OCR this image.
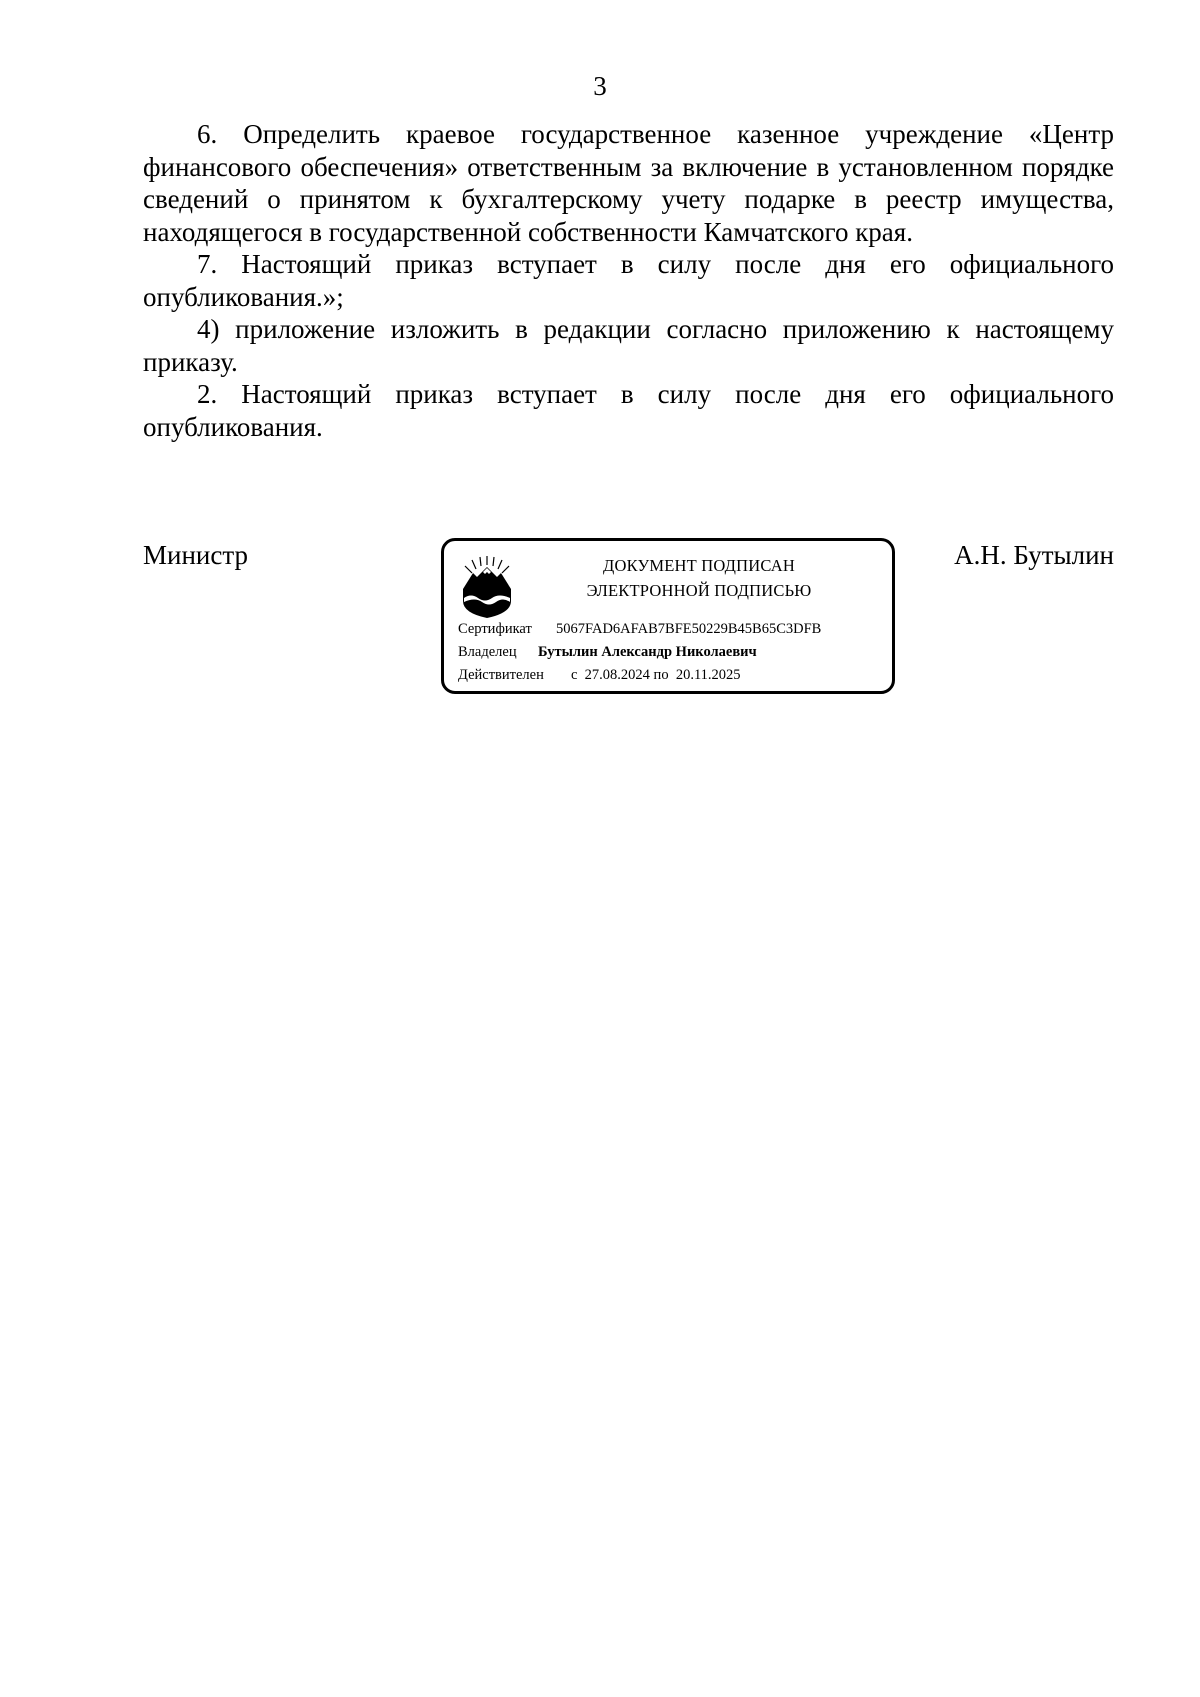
3

6. Определить краевое государственное казенное учреждение «Центр финансового обеспечения» ответственным за включение в установленном порядке сведений о принятом к бухгалтерскому учету подарке в реестр имущества, находящегося в государственной собственности Камчатского края.

7. Настоящий приказ вступает в силу после дня его официального опубликования.»;

4) приложение изложить в редакции согласно приложению к настоящему приказу.

2. Настоящий приказ вступает в силу после дня его официального опубликования.

Министр	ДОКУМЕНТ ПОДПИСАН
ЭЛЕКТРОННОЙ ПОДПИСЬЮ
Сертификат 5067FAD6AFAB7BFE50229B45B65C3DFB
Владелец Бутылин Александр Николаевич
Действителен с  27.08.2024 по  20.11.2025
А.Н. Бутылин
